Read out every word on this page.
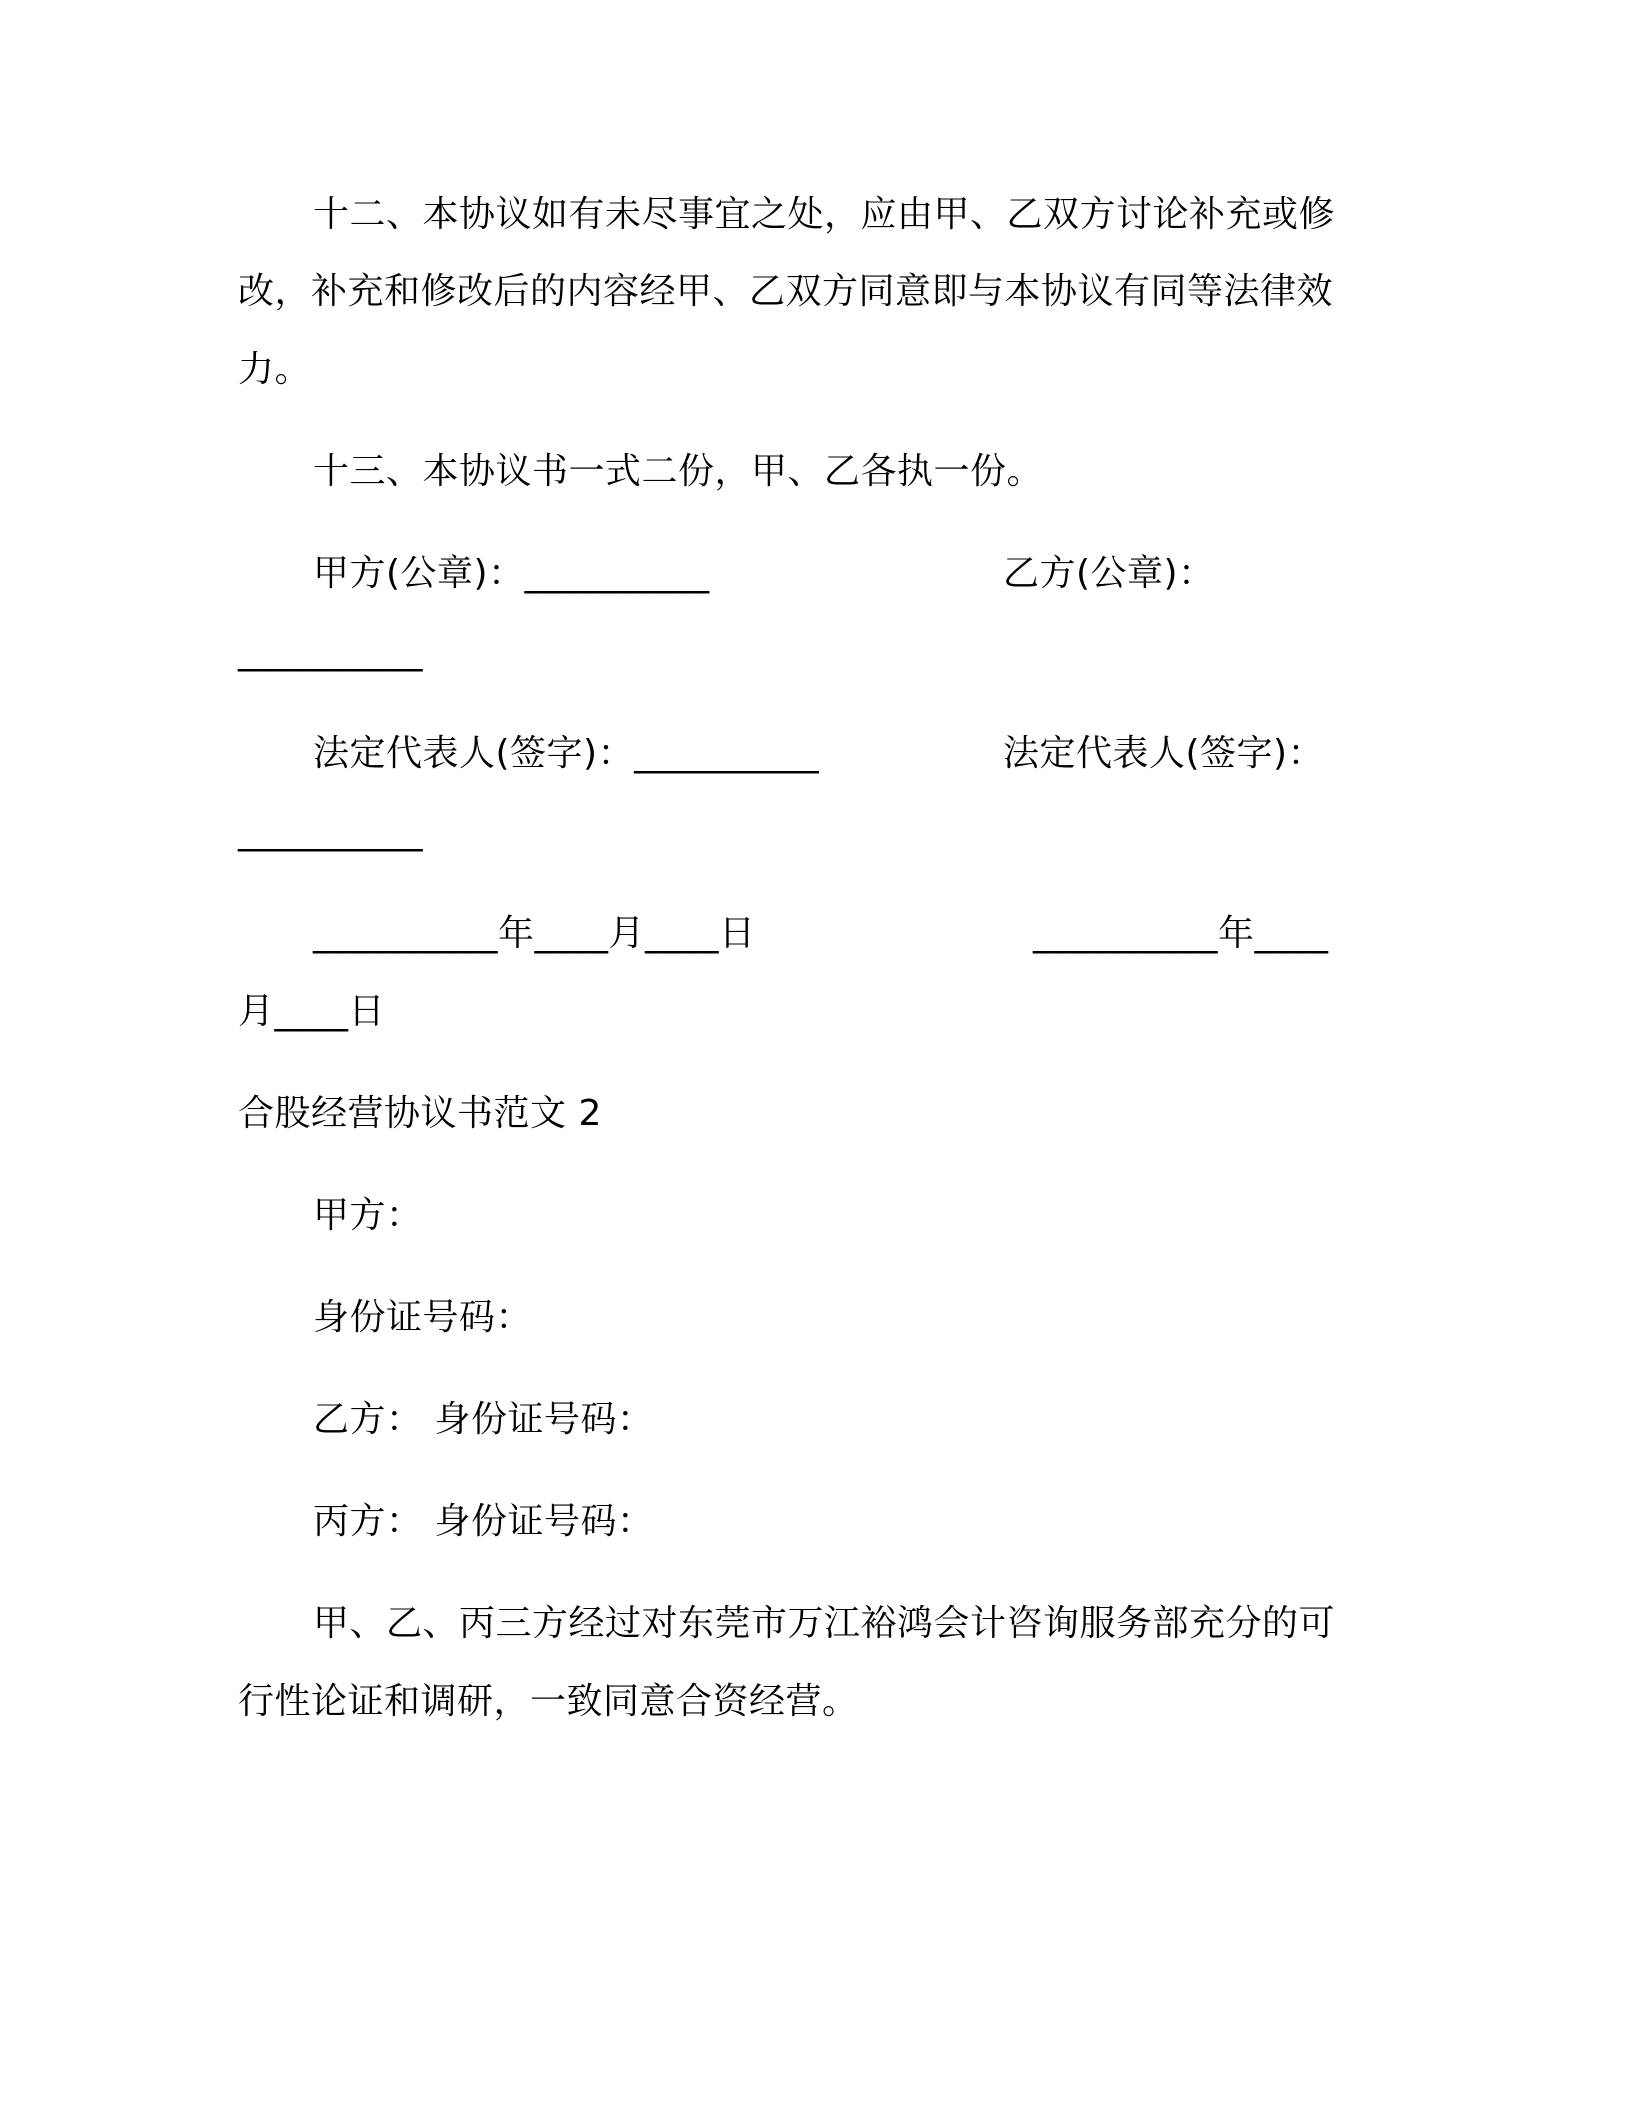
十二、本协议如有未尽事宜之处，应由甲、乙双方讨论补充或修
改，补充和修改后的内容经甲、乙双方同意即与本协议有同等法律效
力。
十三、本协议书一式二份，甲、乙各执一份。
甲方(公章)：__________	乙方(公章)：
__________
法定代表人(签字)：__________	法定代表人(签字)：
__________
__________年____月____日	__________年____
月____日
合股经营协议书范文 2
甲方：
身份证号码：
乙方： 身份证号码：
丙方： 身份证号码：
甲、乙、丙三方经过对东莞市万江裕鸿会计咨询服务部充分的可
行性论证和调研，一致同意合资经营。
